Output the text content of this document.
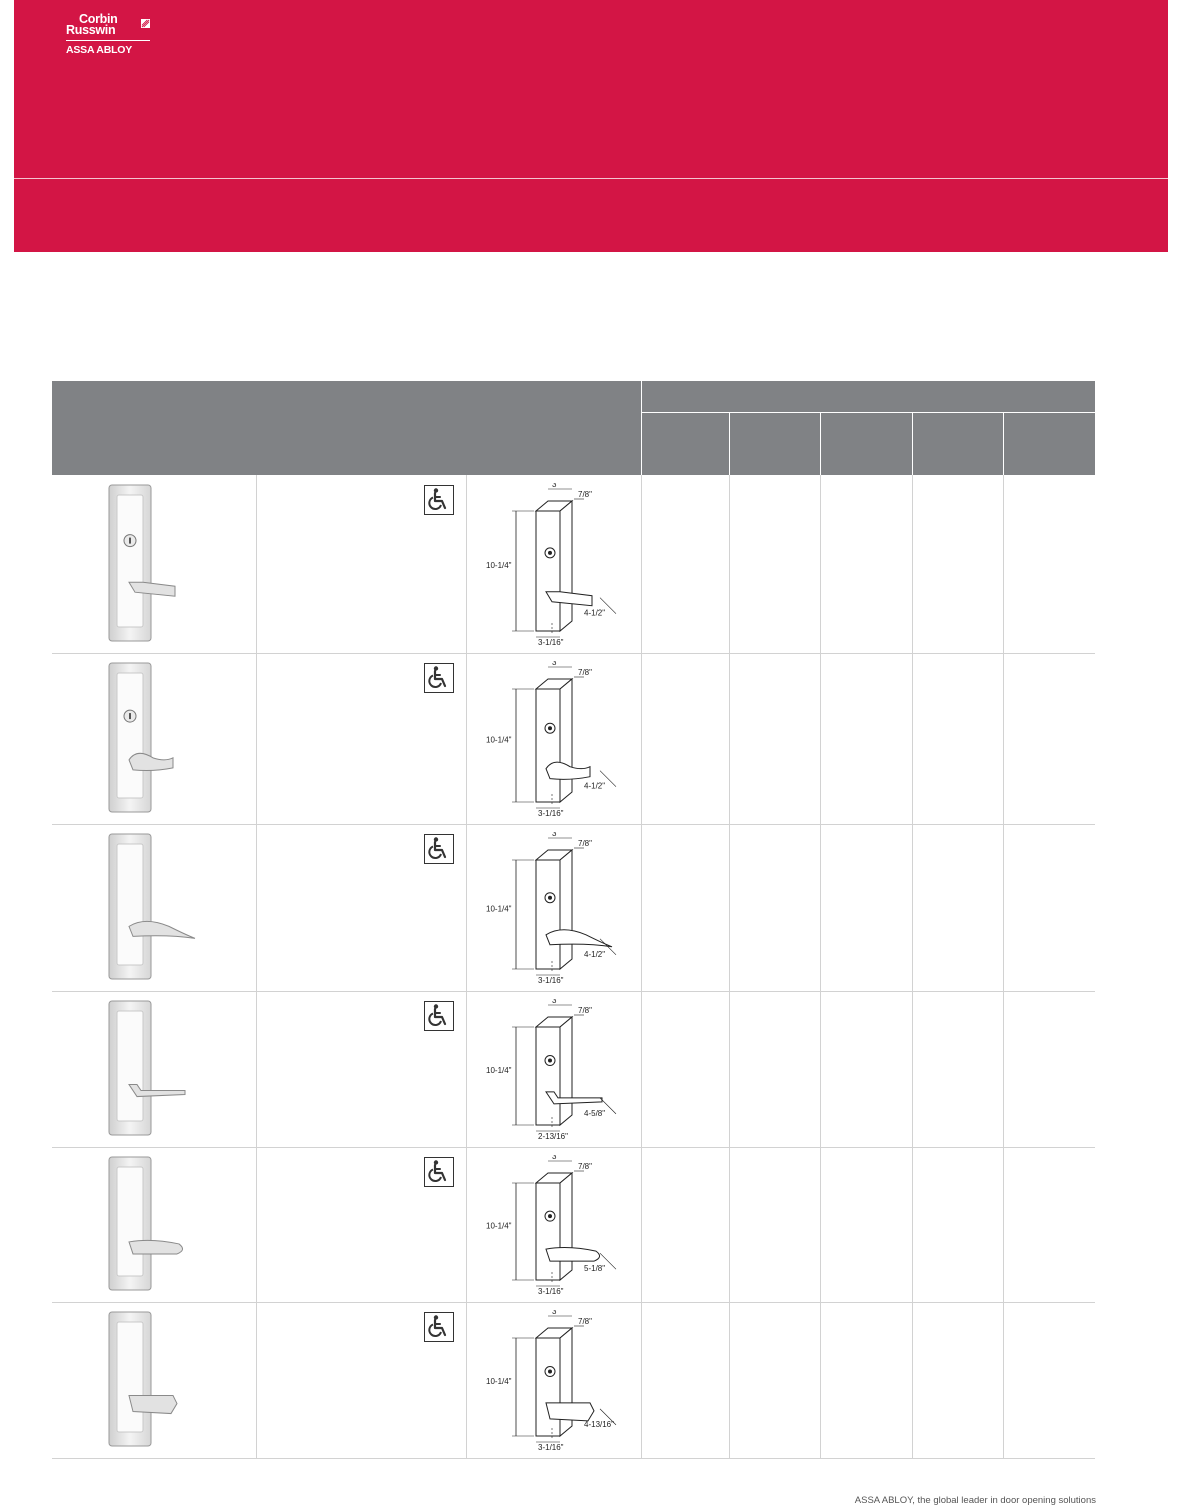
Corbin
Russwin
ASSA ABLOY
3"
7/8"
10-1/4"
4-1/2"
3-1/16"
3"
7/8"
10-1/4"
4-1/2"
3-1/16"
3"
7/8"
10-1/4"
4-1/2"
3-1/16"
3"
7/8"
10-1/4"
4-5/8"
2-13/16"
3"
7/8"
10-1/4"
5-1/8"
3-1/16"
3"
7/8"
10-1/4"
4-13/16"
3-1/16"
ASSA ABLOY, the global leader in door opening solutions
